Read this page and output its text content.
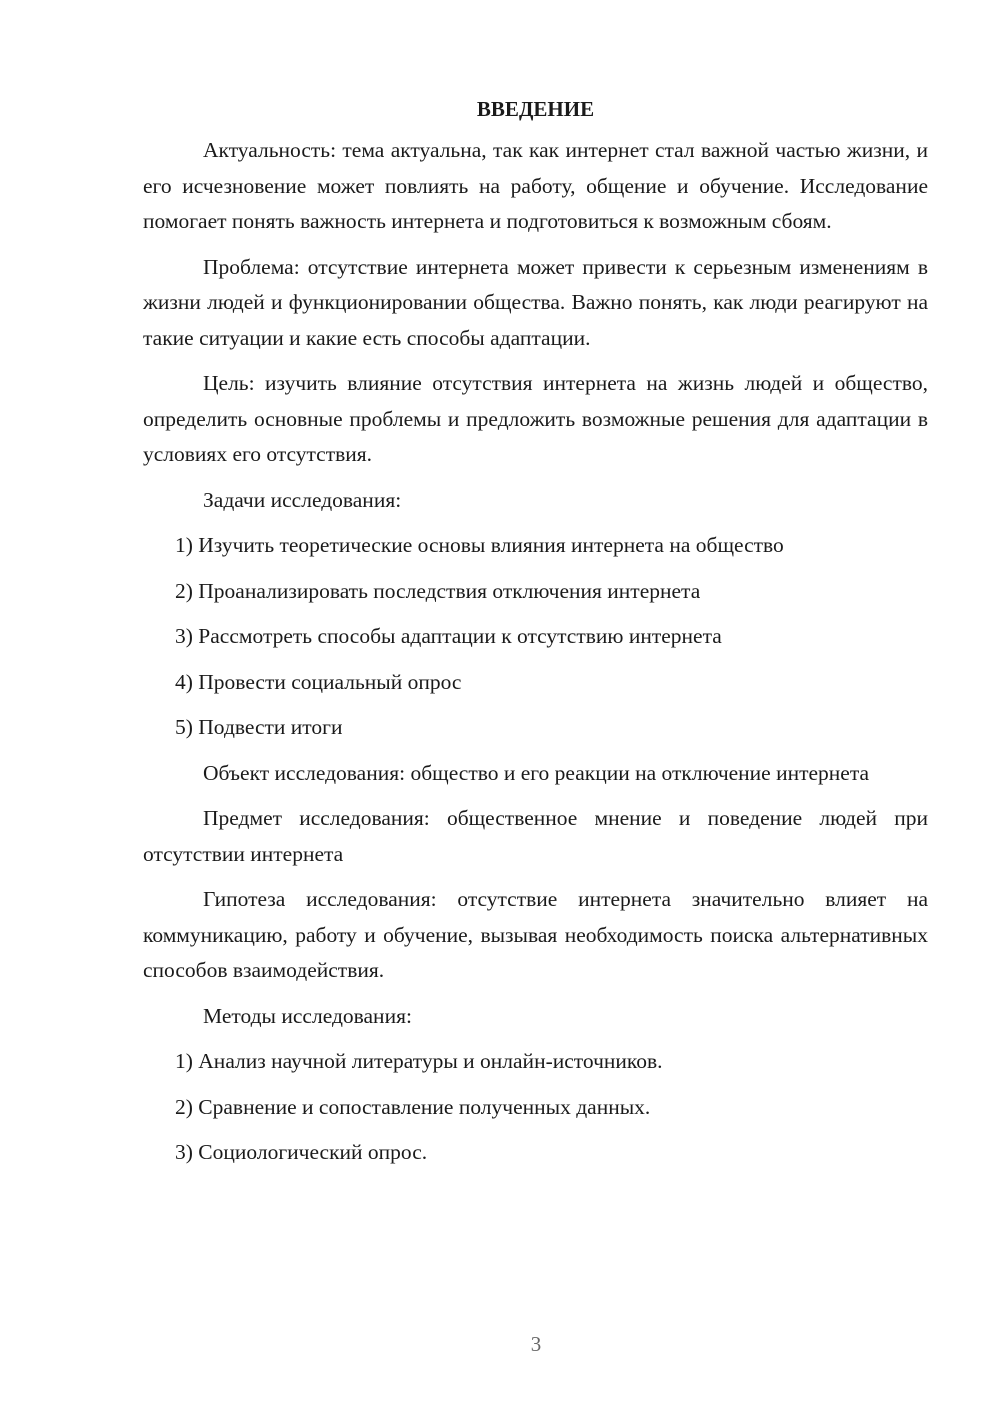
ВВЕДЕНИЕ

Актуальность: тема актуальна, так как интернет стал важной частью жизни, и его исчезновение может повлиять на работу, общение и обучение. Исследование помогает понять важность интернета и подготовиться к возможным сбоям.

Проблема: отсутствие интернета может привести к серьезным изменениям в жизни людей и функционировании общества. Важно понять, как люди реагируют на такие ситуации и какие есть способы адаптации.

Цель: изучить влияние отсутствия интернета на жизнь людей и общество, определить основные проблемы и предложить возможные решения для адаптации в условиях его отсутствия.

Задачи исследования:
1) Изучить теоретические основы влияния интернета на общество
2) Проанализировать последствия отключения интернета
3) Рассмотреть способы адаптации к отсутствию интернета
4) Провести социальный опрос
5) Подвести итоги

Объект исследования: общество и его реакции на отключение интернета

Предмет исследования: общественное мнение и поведение людей при отсутствии интернета

Гипотеза исследования: отсутствие интернета значительно влияет на коммуникацию, работу и обучение, вызывая необходимость поиска альтернативных способов взаимодействия.

Методы исследования:
1) Анализ научной литературы и онлайн-источников.
2) Сравнение и сопоставление полученных данных.
3) Социологический опрос.
3
